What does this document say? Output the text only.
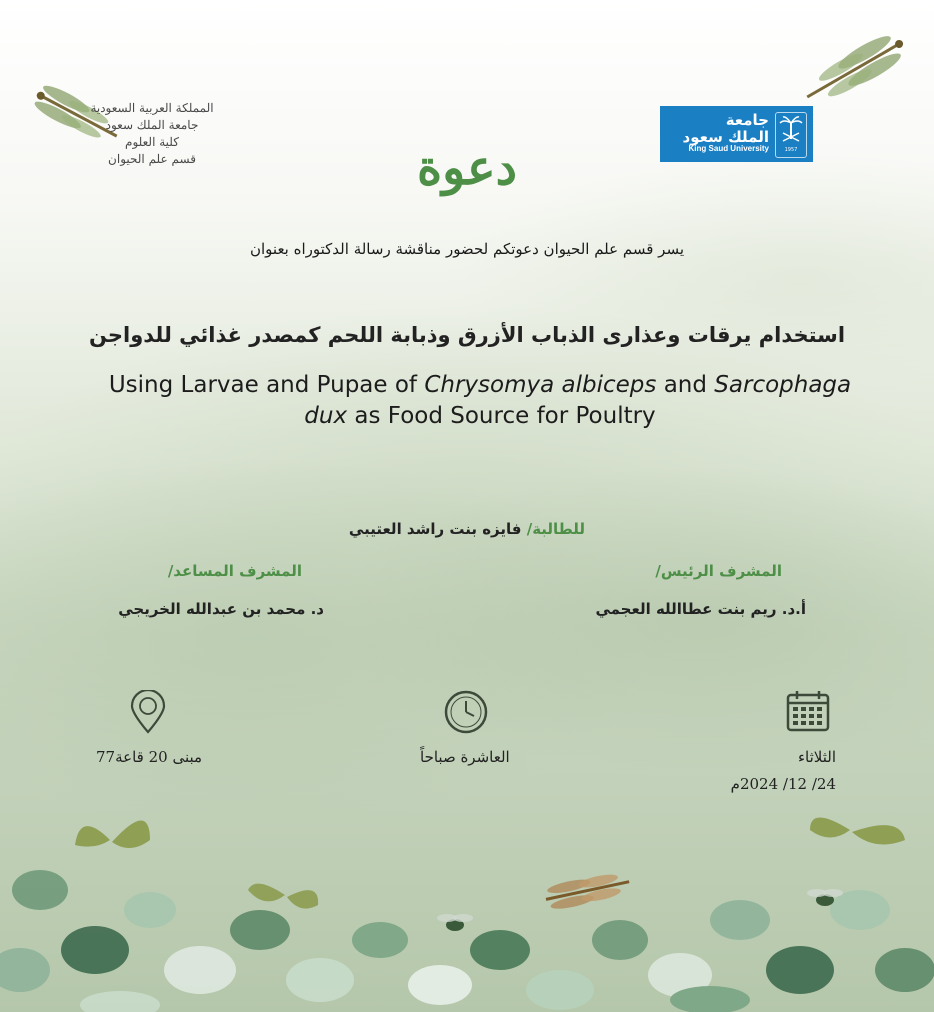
المملكة العربية السعودية
جامعة الملك سعود
كلية العلوم
قسم علم الحيوان
جامعة
الملك سعود
King Saud University	1957
دعوة
يسر قسم علم الحيوان دعوتكم لحضور مناقشة رسالة الدكتوراه بعنوان
استخدام يرقات وعذارى الذباب الأزرق وذبابة اللحم كمصدر غذائي للدواجن
Using Larvae and Pupae of Chrysomya albiceps and Sarcophaga dux as Food Source for Poultry
للطالبة/ فايزه بنت راشد العتيبي
المشرف الرئيس/
أ.د. ريم بنت عطاالله العجمي
المشرف المساعد/
د. محمد بن عبدالله الخريجي
الثلاثاء
24/ 12/ 2024م
العاشرة صباحاً
مبنى 20 قاعة77
